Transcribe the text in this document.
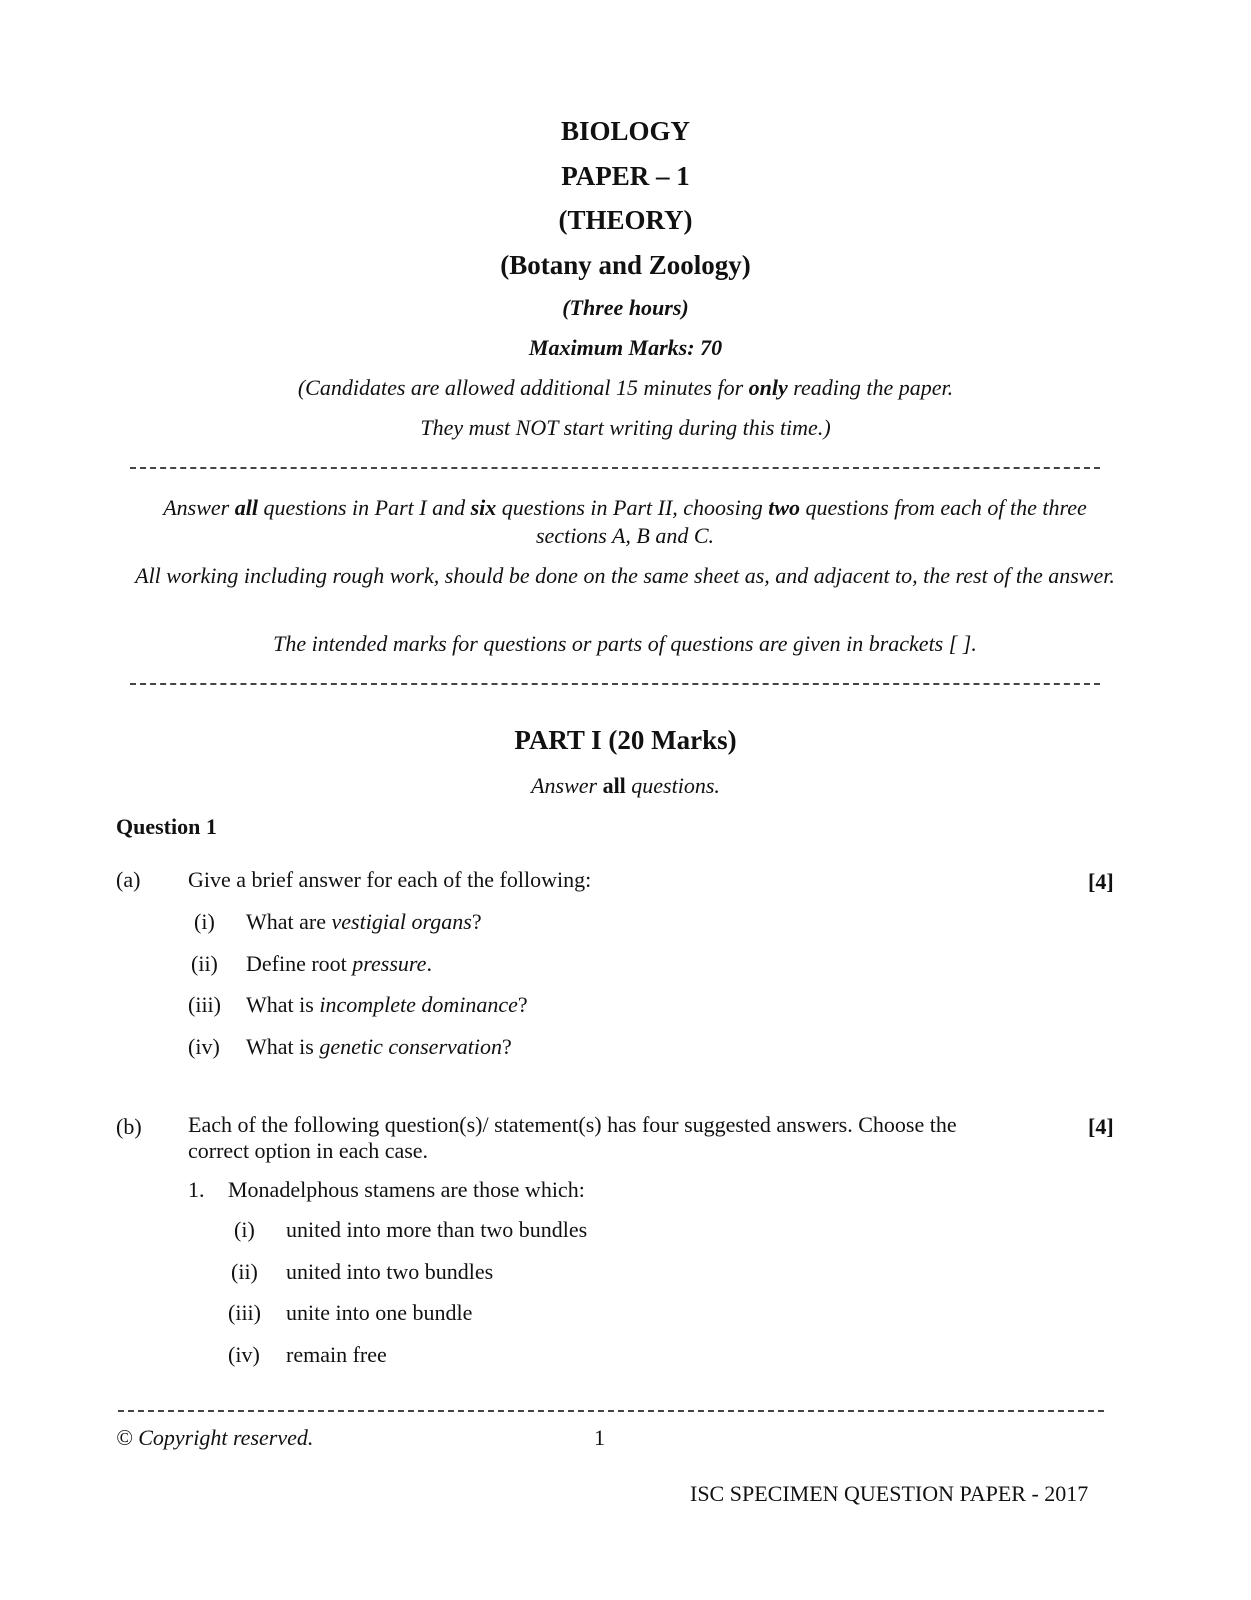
BIOLOGY
PAPER – 1
(THEORY)
(Botany and Zoology)
(Three hours)
Maximum Marks: 70
(Candidates are allowed additional 15 minutes for only reading the paper.
They must NOT start writing during this time.)
Answer all questions in Part I and six questions in Part II, choosing two questions from each of the three sections A, B and C.
All working including rough work, should be done on the same sheet as, and adjacent to, the rest of the answer.
The intended marks for questions or parts of questions are given in brackets [ ].
PART I (20 Marks)
Answer all questions.
Question 1
(a) Give a brief answer for each of the following:	[4]
(i) What are vestigial organs?
(ii) Define root pressure.
(iii) What is incomplete dominance?
(iv) What is genetic conservation?
(b) Each of the following question(s)/ statement(s) has four suggested answers. Choose the
correct option in each case.
[4]
1. Monadelphous stamens are those which:
(i) united into more than two bundles
(ii) united into two bundles
(iii) unite into one bundle
(iv) remain free
© Copyright reserved.	1
ISC SPECIMEN QUESTION PAPER - 2017
